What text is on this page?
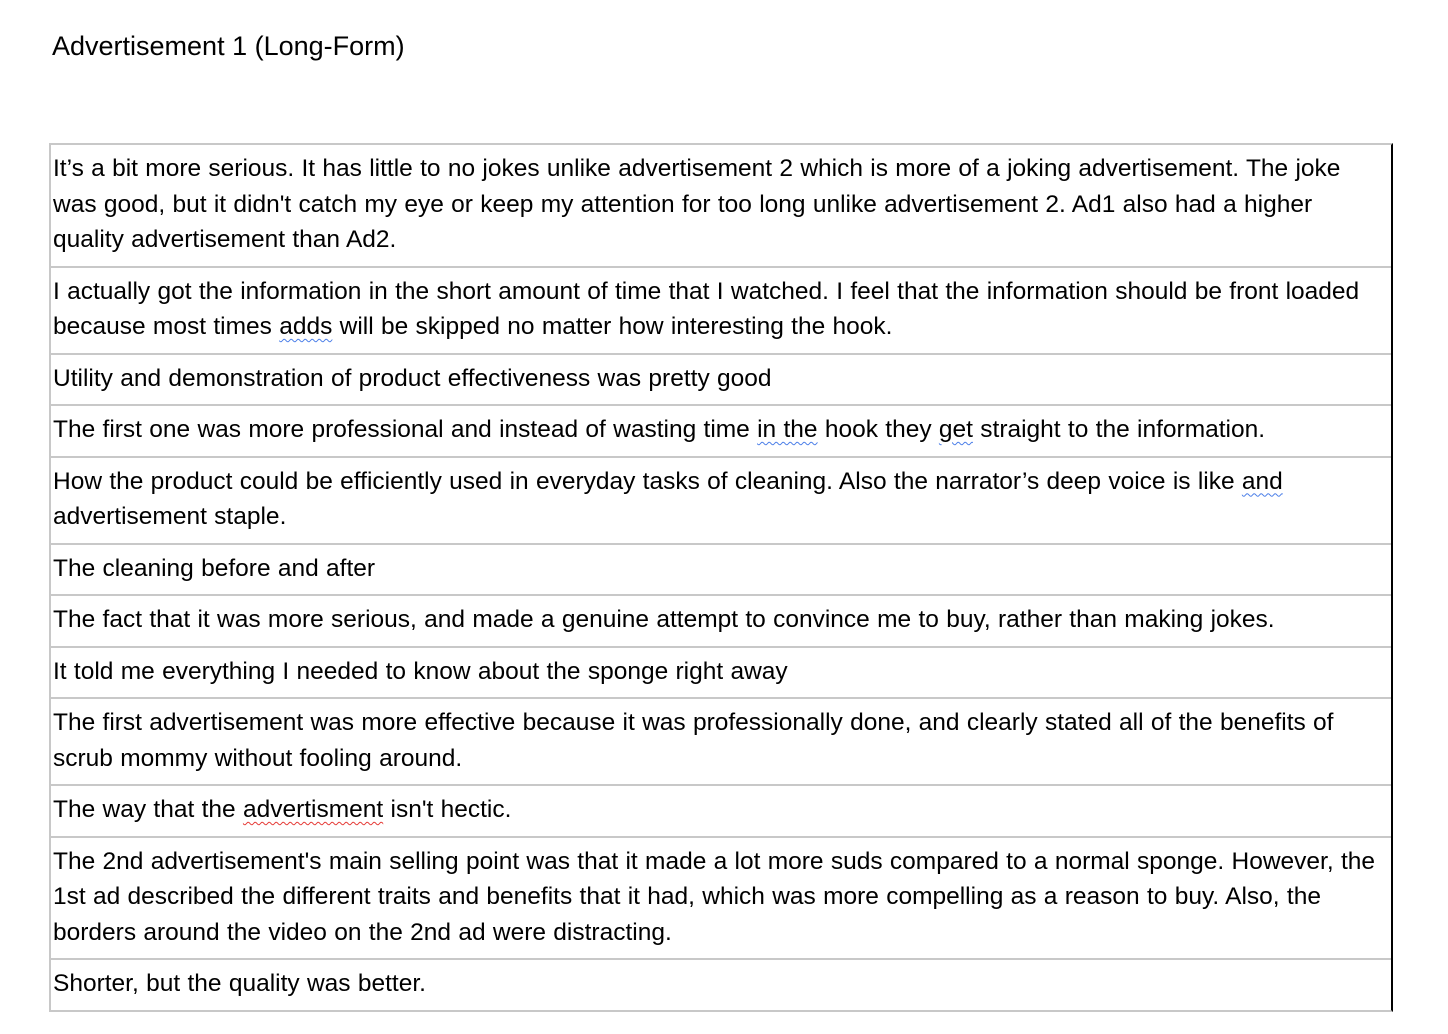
Advertisement 1 (Long-Form)
It’s a bit more serious. It has little to no jokes unlike advertisement 2 which is more of a joking advertisement. The joke was good, but it didn't catch my eye or keep my attention for too long unlike advertisement 2. Ad1 also had a higher quality advertisement than Ad2.
I actually got the information in the short amount of time that I watched. I feel that the information should be front loaded because most times adds will be skipped no matter how interesting the hook.
Utility and demonstration of product effectiveness was pretty good
The first one was more professional and instead of wasting time in the hook they get straight to the information.
How the product could be efficiently used in everyday tasks of cleaning. Also the narrator’s deep voice is like and advertisement staple.
The cleaning before and after
The fact that it was more serious, and made a genuine attempt to convince me to buy, rather than making jokes.
It told me everything I needed to know about the sponge right away
The first advertisement was more effective because it was professionally done, and clearly stated all of the benefits of scrub mommy without fooling around.
The way that the advertisment isn't hectic.
The 2nd advertisement's main selling point was that it made a lot more suds compared to a normal sponge. However, the 1st ad described the different traits and benefits that it had, which was more compelling as a reason to buy. Also, the borders around the video on the 2nd ad were distracting.
Shorter, but the quality was better.
